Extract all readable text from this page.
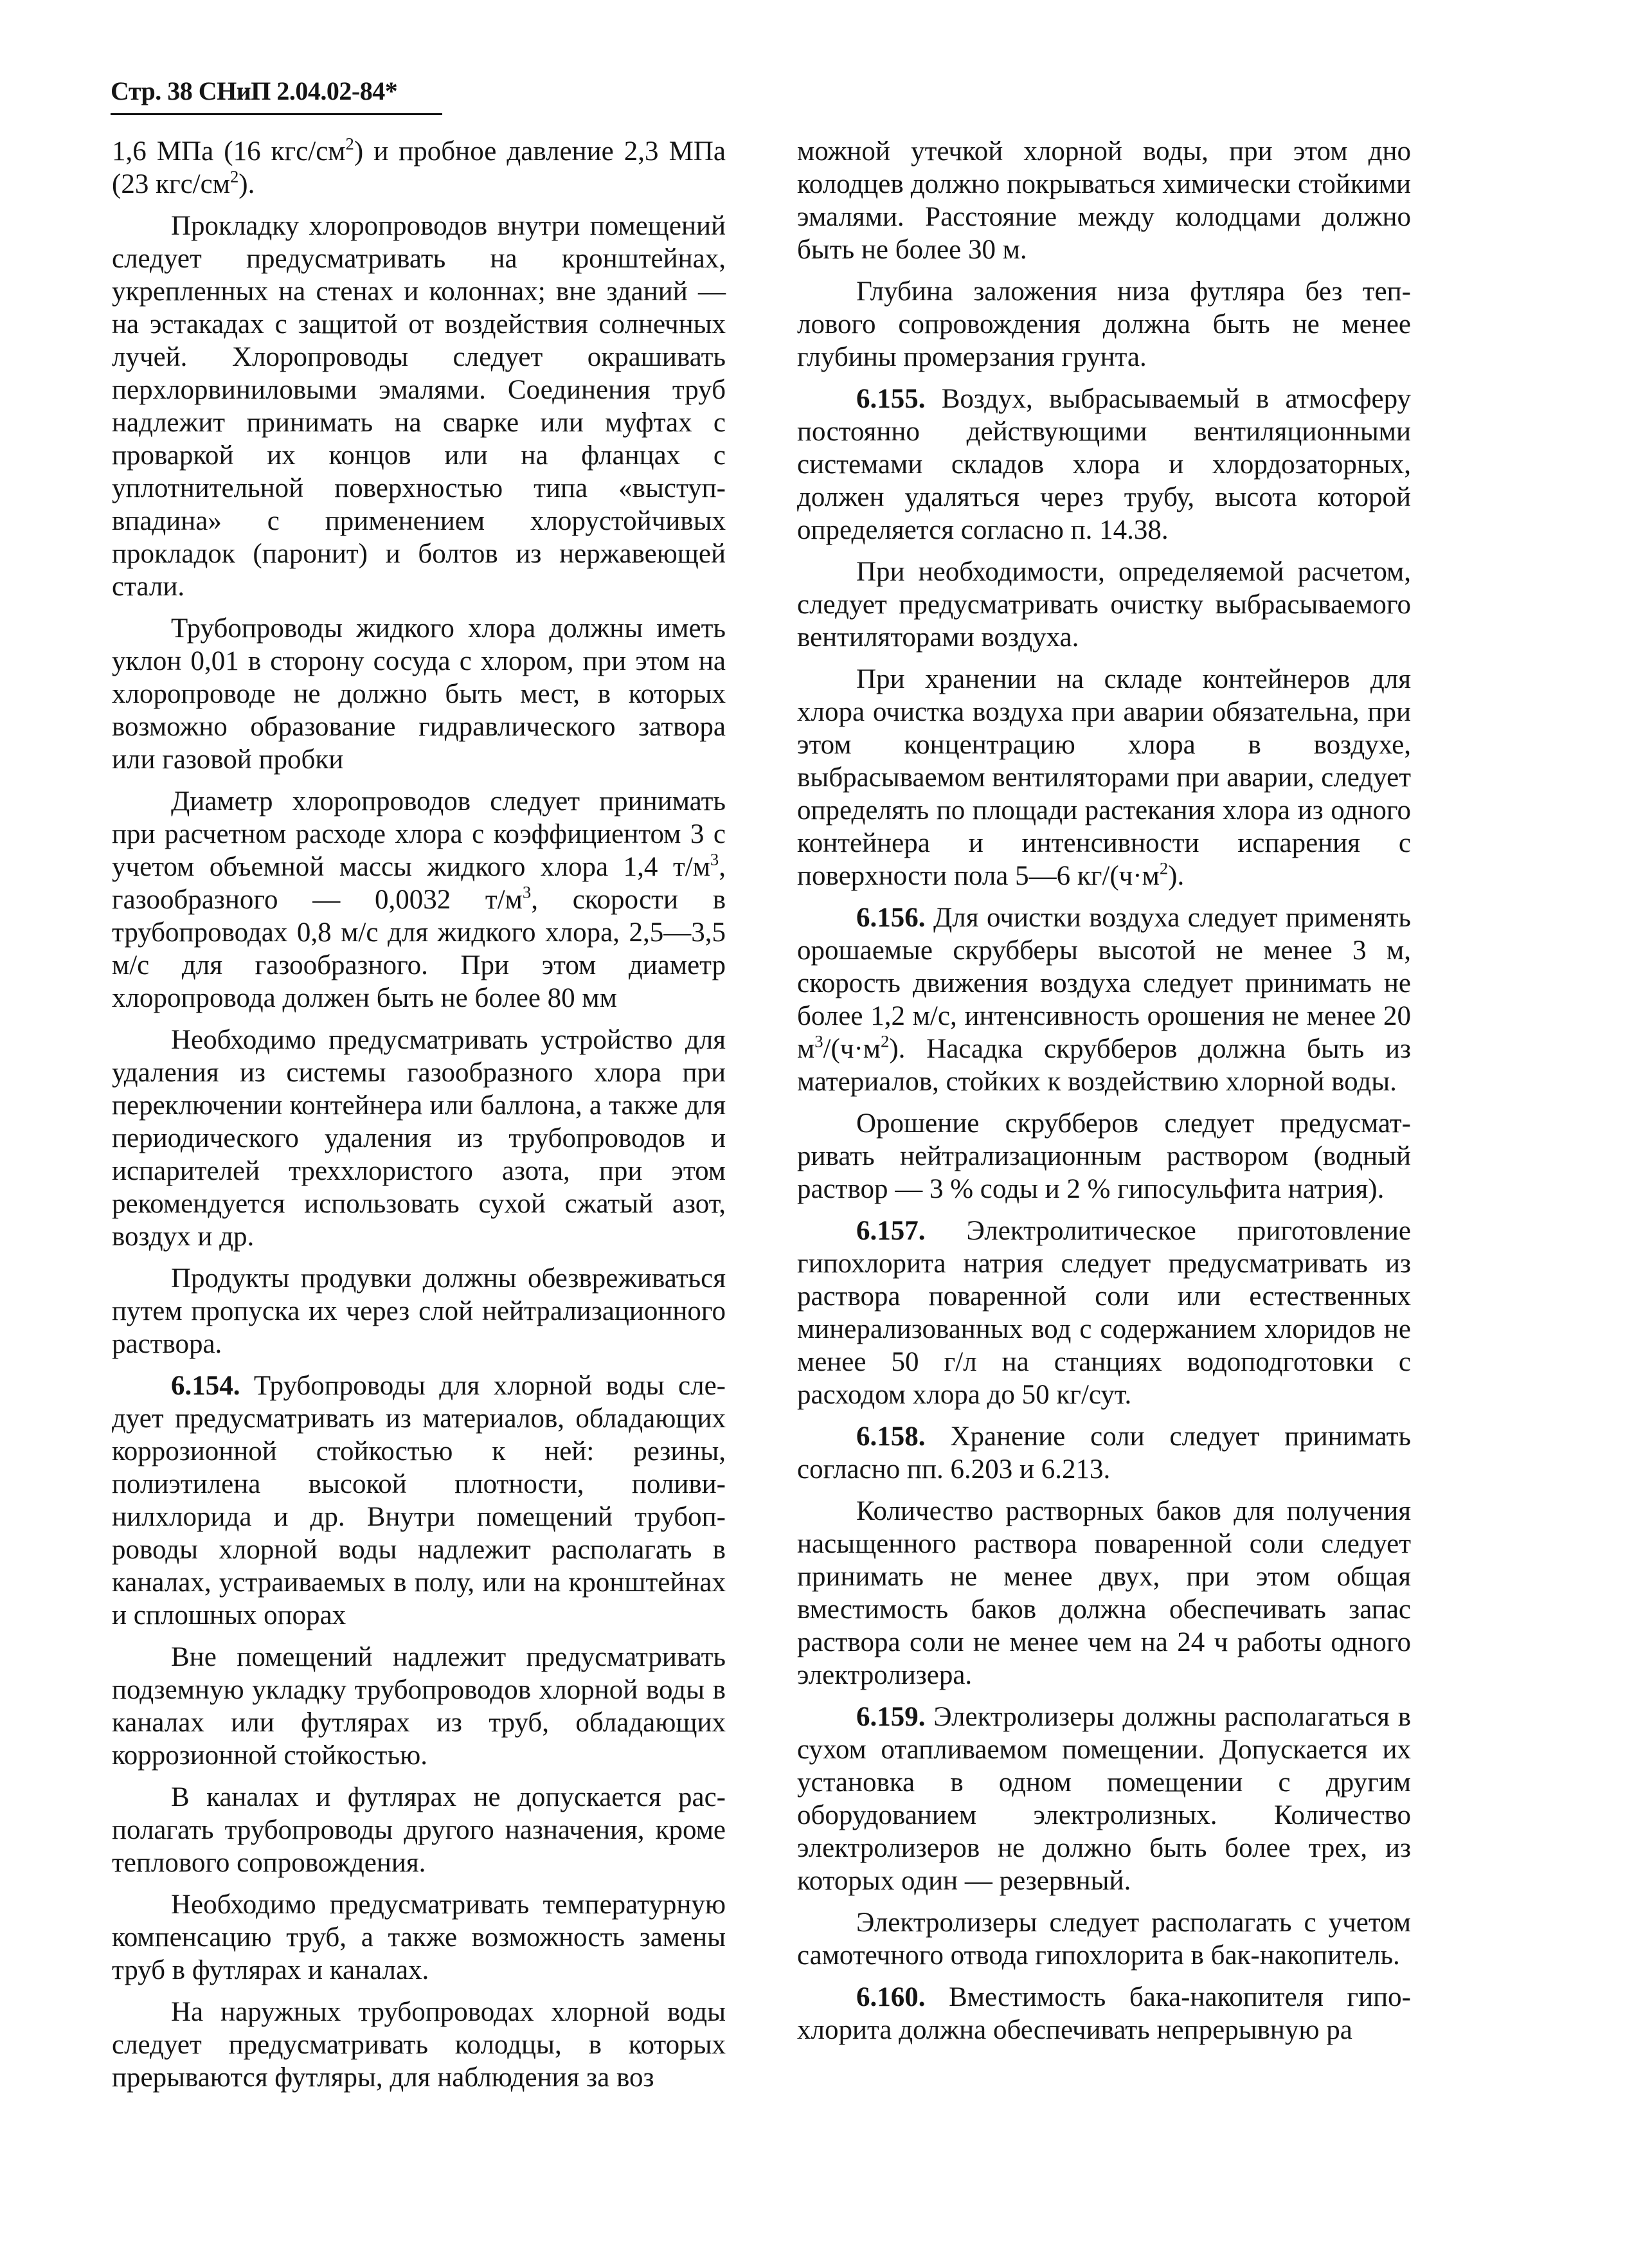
Стр. 38 СНиП 2.04.02-84*

1,6 МПа (16 кгс/$см^2$) и пробное давление 2,3 МПа (23 кгс/$см^2$).

Прокладку хлоропроводов внутри помещений следует предусматривать на кронштейнах, укрепленных на стенах и колоннах; вне зданий — на эстакадах с защитой от воздействия солнечных лучей. Хлоропроводы следует окрашивать перхлорвиниловыми эмалями. Соединения труб надлежит принимать на сварке или муфтах с проваркой их концов или на фланцах с уплотнительной поверхностью типа «выступ-впадина» с применением хлорустойчивых прокладок (паронит) и болтов из нержавеющей стали.

Трубопроводы жидкого хлора должны иметь уклон 0,01 в сторону сосуда с хлором, при этом на хлоропроводе не должно быть мест, в которых возможно образование гидравлического затвора или газовой пробки

Диаметр хлоропроводов следует принимать при расчетном расходе хлора с коэффициентом 3 с учетом объемной массы жидкого хлора 1,4 $т/м^3$, газообразного — 0,0032 $т/м^3$, скорости в трубопроводах 0,8 м/с для жидкого хлора, 2,5—3,5 м/с для газообразного. При этом диаметр хлоропровода должен быть не более 80 мм

Необходимо предусматривать устройство для удаления из системы газообразного хлора при переключении контейнера или баллона, а также для периодического удаления из трубопроводов и испарителей треххлористого азота, при этом рекомендуется использовать сухой сжатый азот, воздух и др.

Продукты продувки должны обезвреживаться путем пропуска их через слой нейтрализационного раствора.

6.154. Трубопроводы для хлорной воды следует предусматривать из материалов, обладающих коррозионной стойкостью к ней: резины, полиэтилена высокой плотности, поливинилхлорида и др. Внутри помещений трубопроводы хлорной воды надлежит располагать в каналах, устраиваемых в полу, или на кронштейнах и сплошных опорах

Вне помещений надлежит предусматривать подземную укладку трубопроводов хлорной воды в каналах или футлярах из труб, обладающих коррозионной стойкостью.

В каналах и футлярах не допускается располагать трубопроводы другого назначения, кроме теплового сопровождения.

Необходимо предусматривать температурную компенсацию труб, а также возможность замены труб в футлярах и каналах.

На наружных трубопроводах хлорной воды следует предусматривать колодцы, в которых прерываются футляры, для наблюдения за воз

можной утечкой хлорной воды, при этом дно колодцев должно покрываться химически стойкими эмалями. Расстояние между колодцами должно быть не более 30 м.

Глубина заложения низа футляра без теплового сопровождения должна быть не менее глубины промерзания грунта.

6.155. Воздух, выбрасываемый в атмосферу постоянно действующими вентиляционными системами складов хлора и хлордозаторных, должен удаляться через трубу, высота которой определяется согласно п. 14.38.

При необходимости, определяемой расчетом, следует предусматривать очистку выбрасываемого вентиляторами воздуха.

При хранении на складе контейнеров для хлора очистка воздуха при аварии обязательна, при этом концентрацию хлора в воздухе, выбрасываемом вентиляторами при аварии, следует определять по площади растекания хлора из одного контейнера и интенсивности испарения с поверхности пола 5—6 $кг/(ч\cdot м^2)$.

6.156. Для очистки воздуха следует применять орошаемые скрубберы высотой не менее 3 м, скорость движения воздуха следует принимать не более 1,2 м/с, интенсивность орошения не менее 20 $м^3/(ч\cdot м^2)$. Насадка скрубберов должна быть из материалов, стойких к воздействию хлорной воды.

Орошение скрубберов следует предусматривать нейтрализационным раствором (водный раствор — 3 % соды и 2 % гипосульфита натрия).

6.157. Электролитическое приготовление гипохлорита натрия следует предусматривать из раствора поваренной соли или естественных минерализованных вод с содержанием хлоридов не менее 50 г/л на станциях водоподготовки с расходом хлора до 50 кг/сут.

6.158. Хранение соли следует принимать согласно пп. 6.203 и 6.213.

Количество растворных баков для получения насыщенного раствора поваренной соли следует принимать не менее двух, при этом общая вместимость баков должна обеспечивать запас раствора соли не менее чем на 24 ч работы одного электролизера.

6.159. Электролизеры должны располагаться в сухом отапливаемом помещении. Допускается их установка в одном помещении с другим оборудованием электролизных. Количество электролизеров не должно быть более трех, из которых один — резервный.

Электролизеры следует располагать с учетом самотечного отвода гипохлорита в бак-накопитель.

6.160. Вместимость бака-накопителя гипохлорита должна обеспечивать непрерывную ра
